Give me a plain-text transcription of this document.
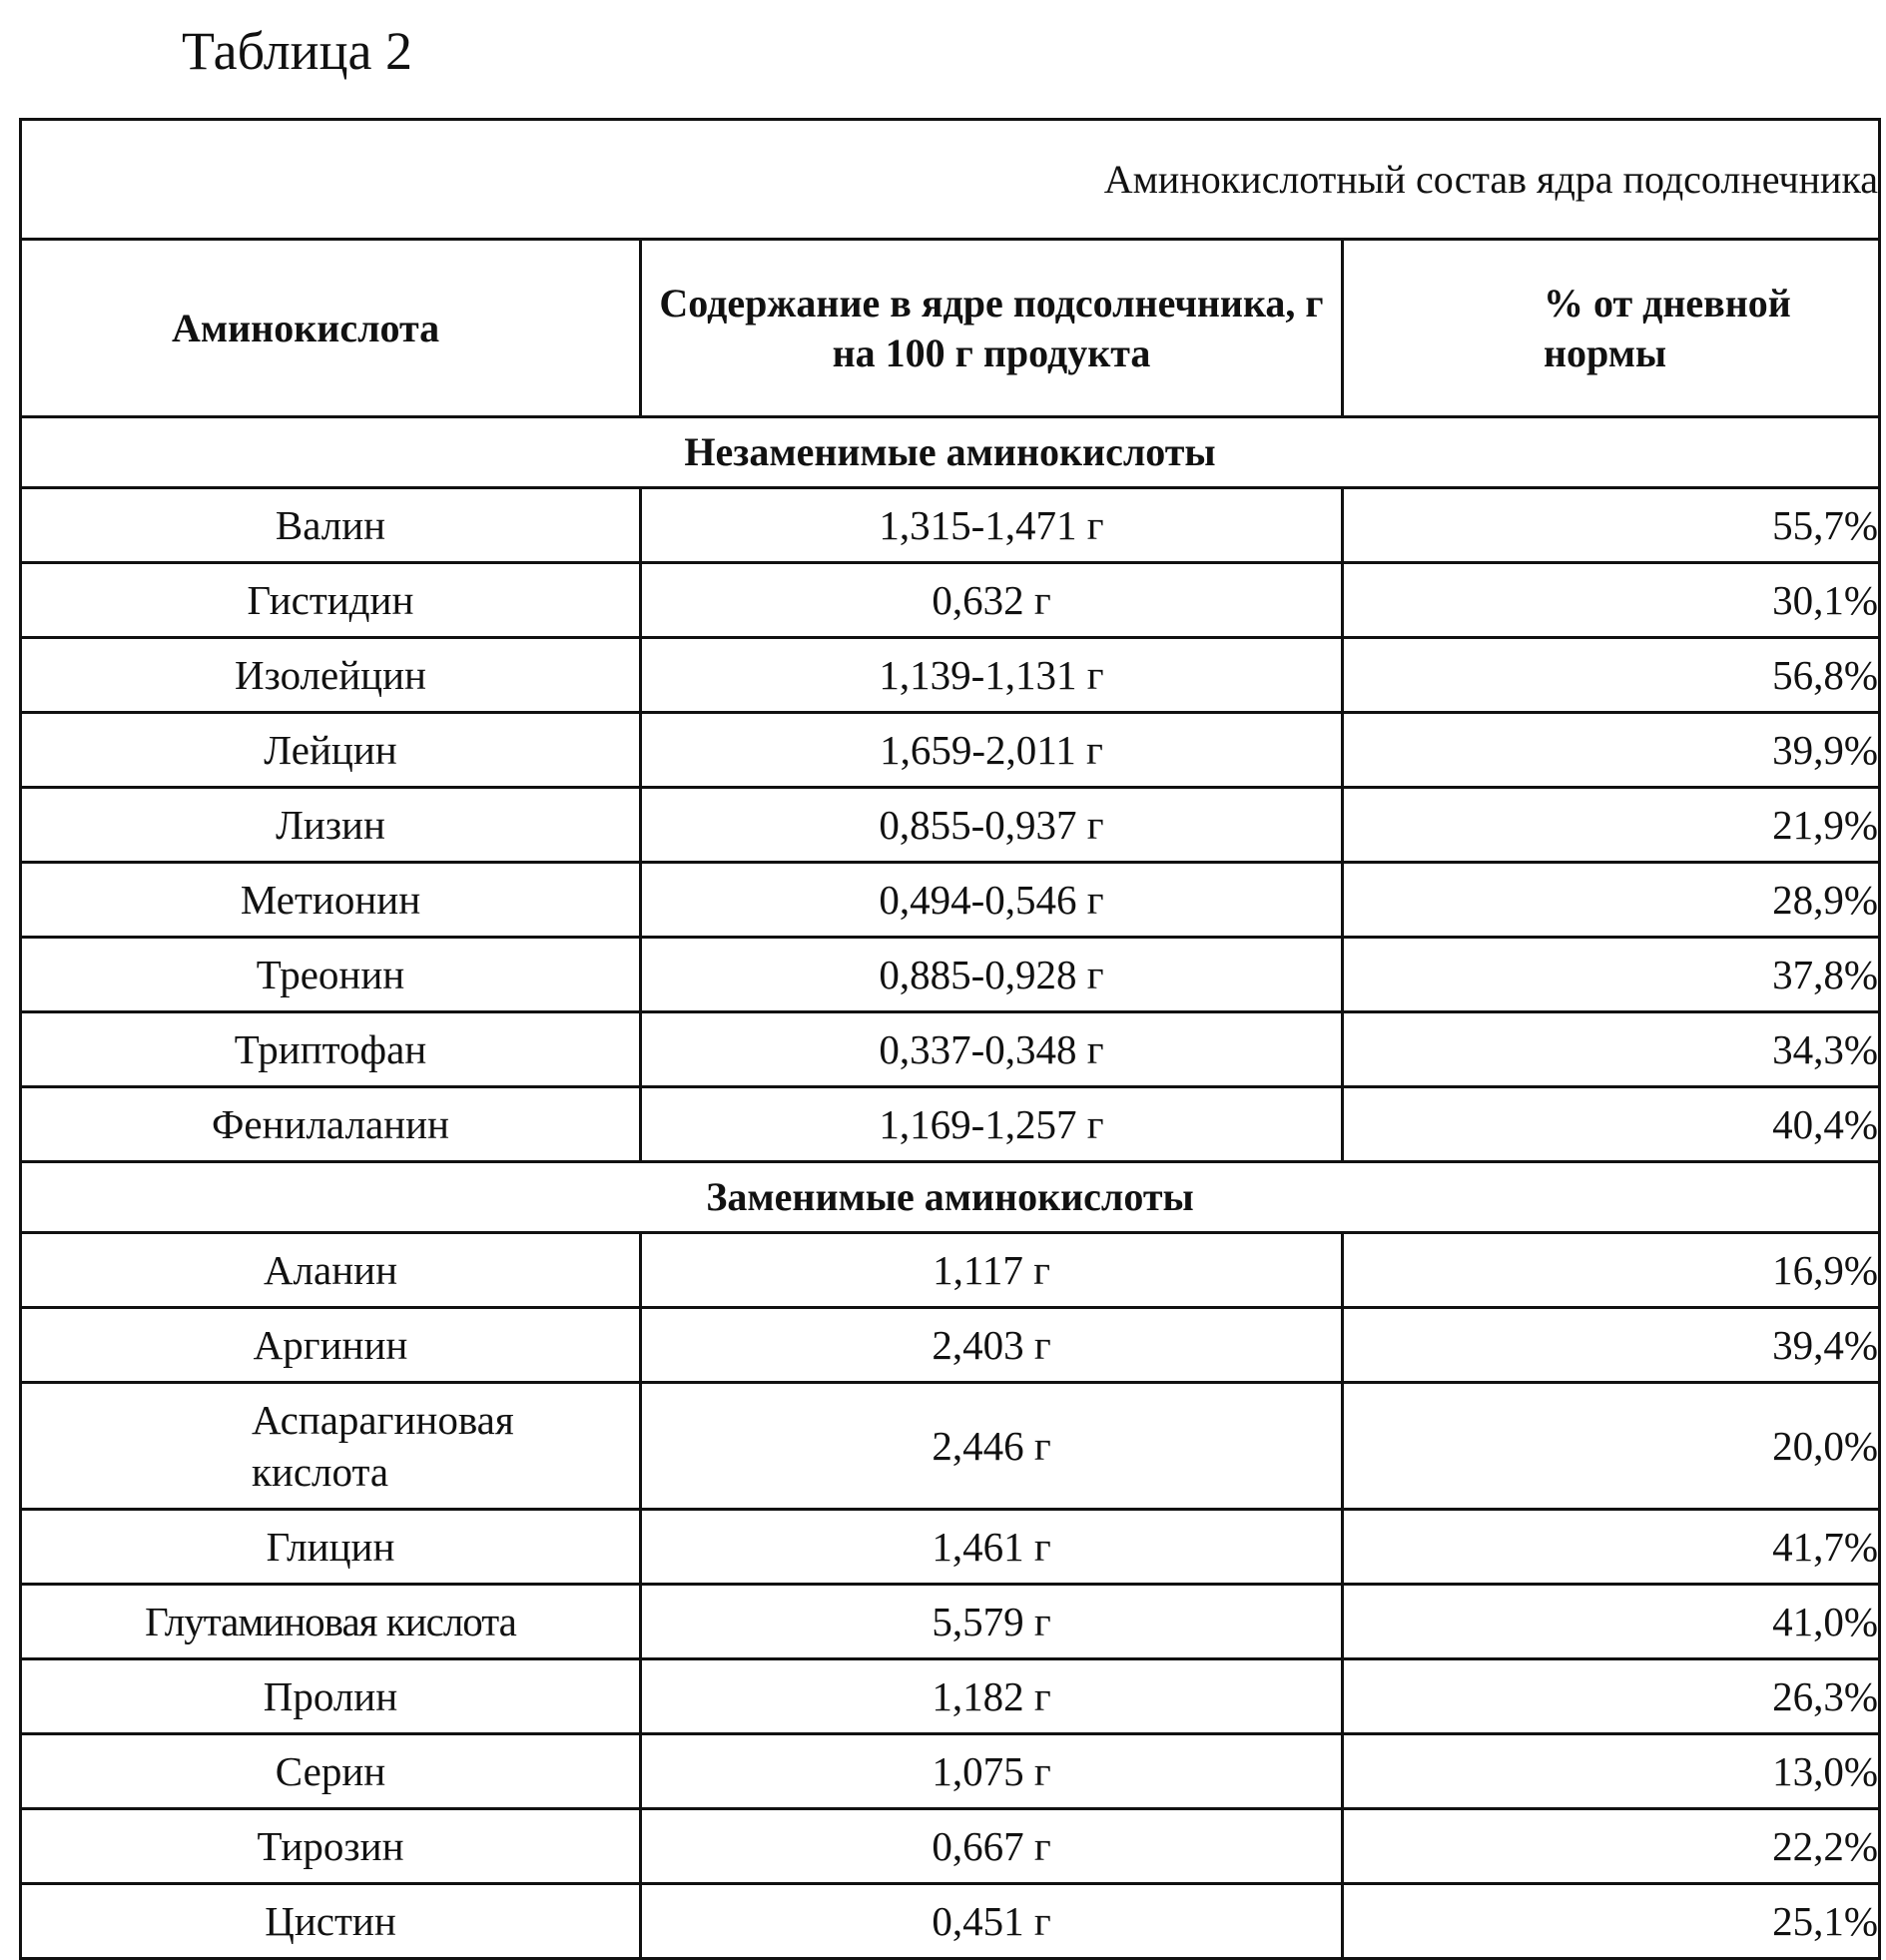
Таблица 2
Аминокислотный состав ядра подсолнечника		
Аминокислота	Содержание в ядре подсолнечника, г на 100 г продукта	% от дневной нормы
Незаменимые аминокислоты		
Валин	1,315-1,471 г	55,7%
Гистидин	0,632 г	30,1%
Изолейцин	1,139-1,131 г	56,8%
Лейцин	1,659-2,011 г	39,9%
Лизин	0,855-0,937 г	21,9%
Метионин	0,494-0,546 г	28,9%
Треонин	0,885-0,928 г	37,8%
Триптофан	0,337-0,348 г	34,3%
Фенилаланин	1,169-1,257 г	40,4%
Заменимые аминокислоты		
Аланин	1,117 г	16,9%
Аргинин	2,403 г	39,4%
Аспарагиновая кислота	2,446 г	20,0%
Глицин	1,461 г	41,7%
Глутаминовая кислота	5,579 г	41,0%
Пролин	1,182 г	26,3%
Серин	1,075 г	13,0%
Тирозин	0,667 г	22,2%
Цистин	0,451 г	25,1%
